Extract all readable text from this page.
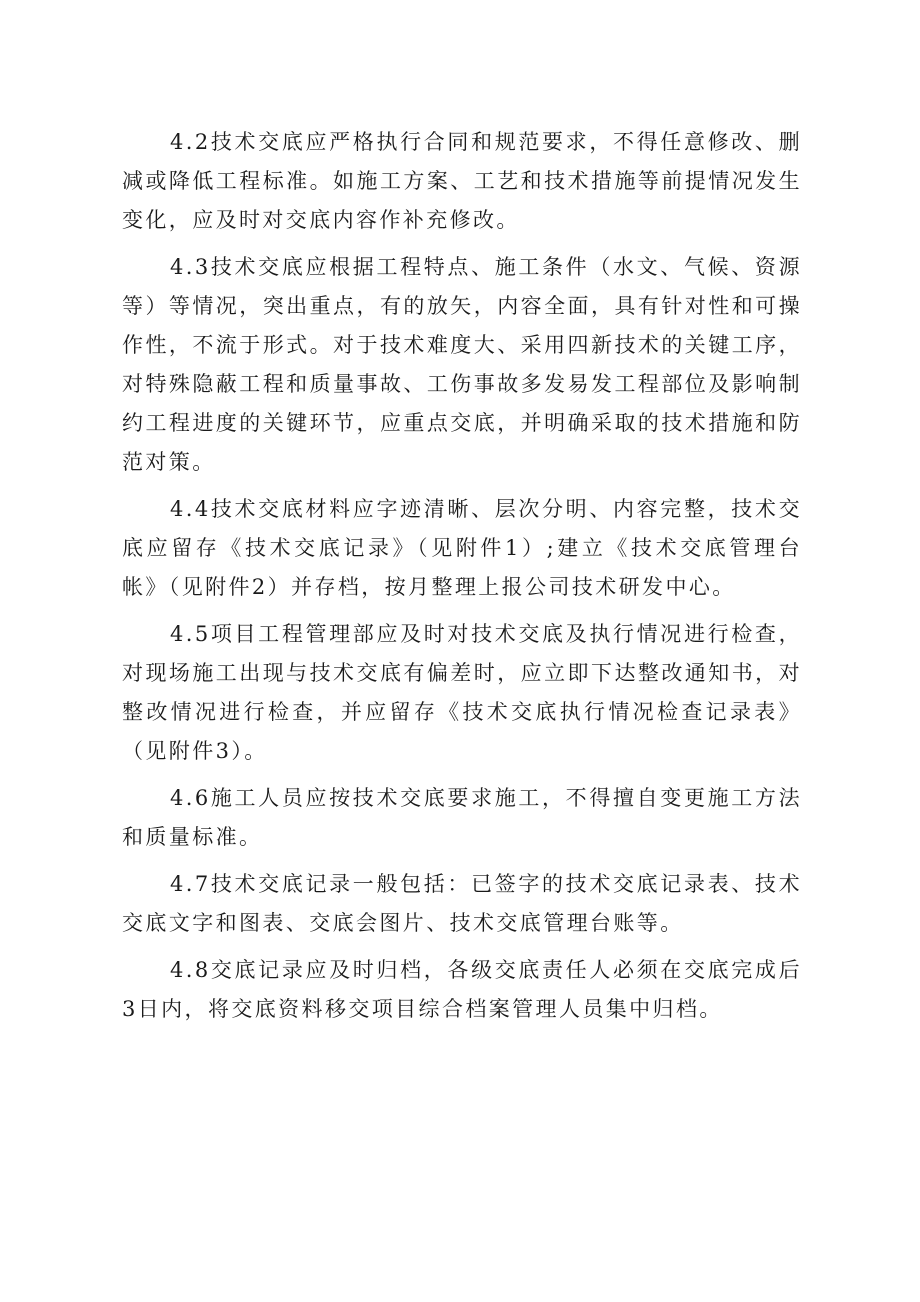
4.2技术交底应严格执行合同和规范要求，不得任意修改、删减或降低工程标准。如施工方案、工艺和技术措施等前提情况发生变化，应及时对交底内容作补充修改。

4.3技术交底应根据工程特点、施工条件（水文、气候、资源等）等情况，突出重点，有的放矢，内容全面，具有针对性和可操作性，不流于形式。对于技术难度大、采用四新技术的关键工序，对特殊隐蔽工程和质量事故、工伤事故多发易发工程部位及影响制约工程进度的关键环节，应重点交底，并明确采取的技术措施和防范对策。

4.4技术交底材料应字迹清晰、层次分明、内容完整，技术交底应留存《技术交底记录》（见附件1）;建立《技术交底管理台帐》（见附件2）并存档，按月整理上报公司技术研发中心。

4.5项目工程管理部应及时对技术交底及执行情况进行检查，对现场施工出现与技术交底有偏差时，应立即下达整改通知书，对整改情况进行检查，并应留存《技术交底执行情况检查记录表》（见附件3）。

4.6施工人员应按技术交底要求施工，不得擅自变更施工方法和质量标准。

4.7技术交底记录一般包括：已签字的技术交底记录表、技术交底文字和图表、交底会图片、技术交底管理台账等。

4.8交底记录应及时归档，各级交底责任人必须在交底完成后3日内，将交底资料移交项目综合档案管理人员集中归档。
